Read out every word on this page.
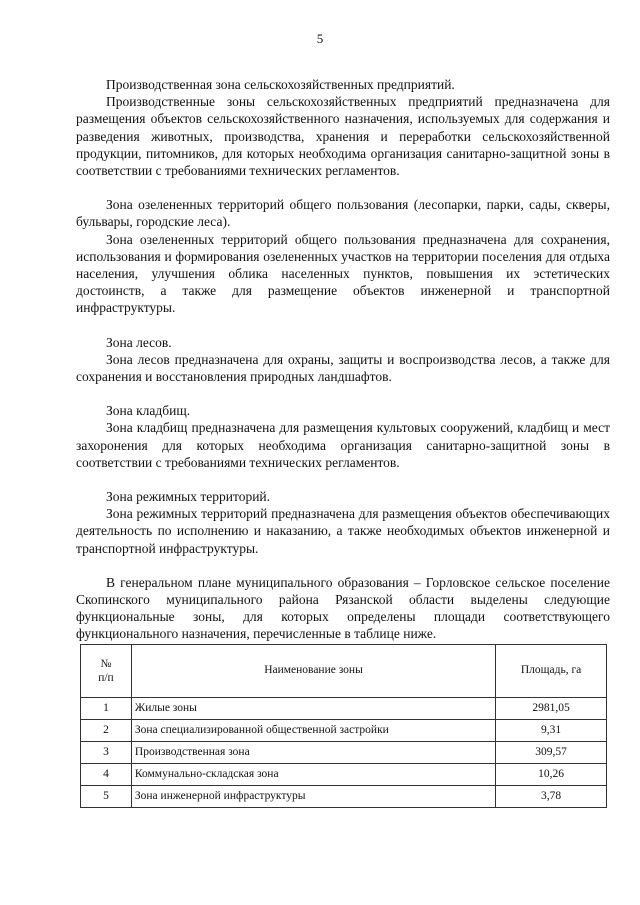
5

Производственная зона сельскохозяйственных предприятий.

Производственные зоны сельскохозяйственных предприятий предназначена для размещения объектов сельскохозяйственного назначения, используемых для содержания и разведения животных, производства, хранения и переработки сельскохозяйственной продукции, питомников, для которых необходима организация санитарно-защитной зоны в соответствии с требованиями технических регламентов.

Зона озелененных территорий общего пользования (лесопарки, парки, сады, скверы, бульвары, городские леса).

Зона озелененных территорий общего пользования предназначена для сохранения, использования и формирования озелененных участков на территории поселения для отдыха населения, улучшения облика населенных пунктов, повышения их эстетических достоинств, а также для размещение объектов инженерной и транспортной инфраструктуры.

Зона лесов.

Зона лесов предназначена для охраны, защиты и воспроизводства лесов, а также для сохранения и восстановления природных ландшафтов.

Зона кладбищ.

Зона кладбищ предназначена для размещения культовых сооружений, кладбищ и мест захоронения для которых необходима организация санитарно-защитной зоны в соответствии с требованиями технических регламентов.

Зона режимных территорий.

Зона режимных территорий предназначена для размещения объектов обеспечивающих деятельность по исполнению и наказанию, а также необходимых объектов инженерной и транспортной инфраструктуры.

В генеральном плане муниципального образования – Горловское сельское поселение Скопинского муниципального района Рязанской области выделены следующие функциональные зоны, для которых определены площади соответствующего функционального назначения, перечисленные в таблице ниже.

№
п/п	Наименование зоны	Площадь, га
1	Жилые зоны	2981,05
2	Зона специализированной общественной застройки	9,31
3	Производственная зона	309,57
4	Коммунально-складская зона	10,26
5	Зона инженерной инфраструктуры	3,78
